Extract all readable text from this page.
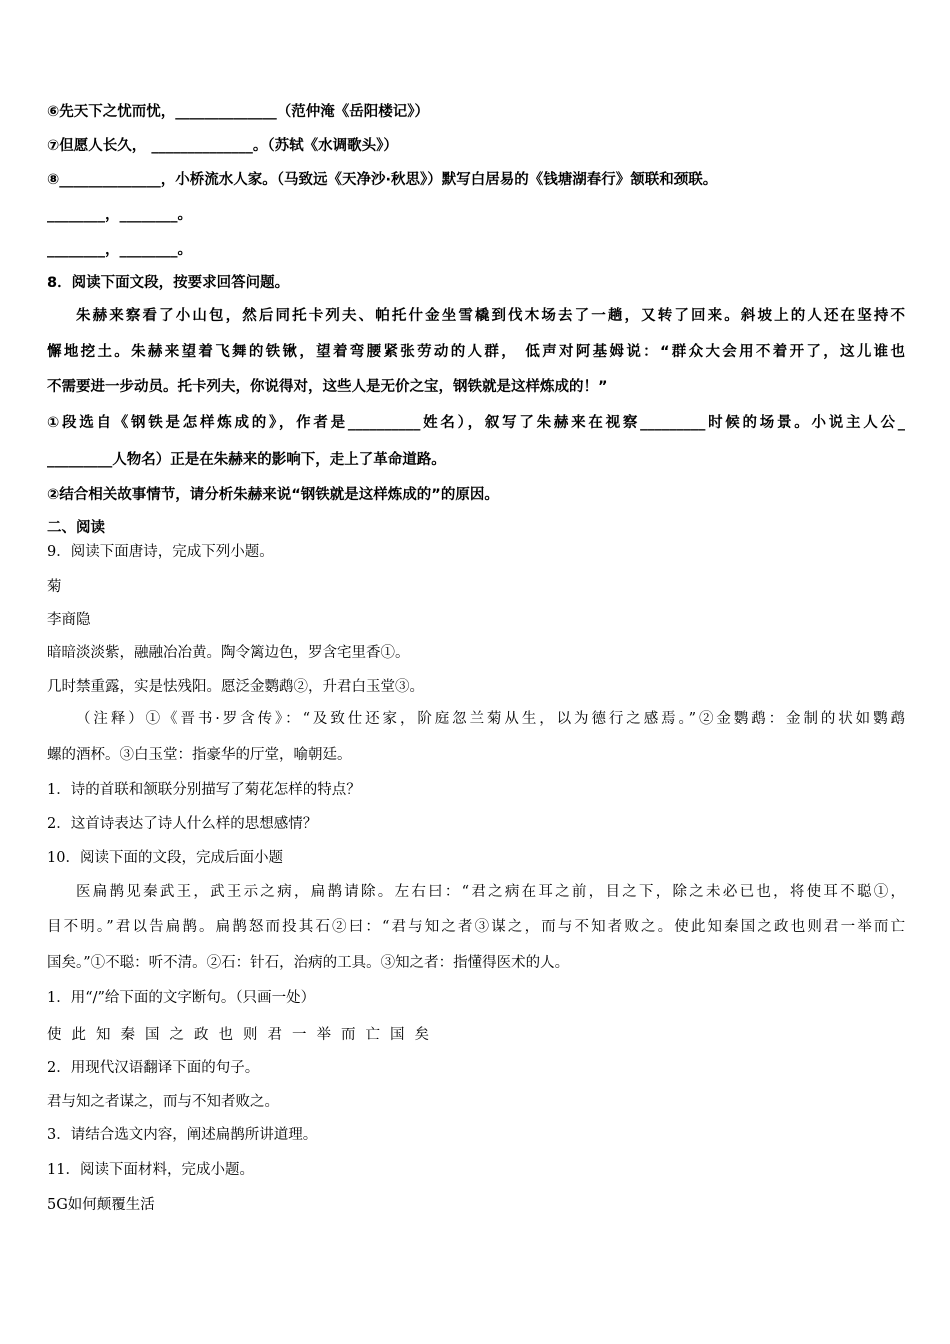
⑥先天下之忧而忧，______________（范仲淹《岳阳楼记》）
⑦但愿人长久， ______________。（苏轼《水调歌头》）
⑧______________，小桥流水人家。（马致远《天净沙·秋思》）默写白居易的《钱塘湖春行》颔联和颈联。
________，________。
________，________。
8．阅读下面文段，按要求回答问题。
朱赫来察看了小山包，然后同托卡列夫、帕托什金坐雪橇到伐木场去了一趟，又转了回来。斜坡上的人还在坚持不
懈地挖土。朱赫来望着飞舞的铁锹，望着弯腰紧张劳动的人群， 低声对阿基姆说：“群众大会用不着开了，这儿谁也
不需要进一步动员。托卡列夫，你说得对，这些人是无价之宝，钢铁就是这样炼成的！”
①段选自《钢铁是怎样炼成的》，作者是__________姓名），叙写了朱赫来在视察_________时候的场景。小说主人公_
_________人物名）正是在朱赫来的影响下，走上了革命道路。
②结合相关故事情节，请分析朱赫来说“钢铁就是这样炼成的”的原因。
二、阅读
9．阅读下面唐诗，完成下列小题。
菊
李商隐
暗暗淡淡紫，融融冶冶黄。陶令篱边色，罗含宅里香①。
几时禁重露，实是怯残阳。愿泛金鹦鹉②，升君白玉堂③。
（注释）①《晋书·罗含传》：“及致仕还家，阶庭忽兰菊从生，以为德行之感焉。”②金鹦鹉：金制的状如鹦鹉
螺的酒杯。③白玉堂：指豪华的厅堂，喻朝廷。
1．诗的首联和颔联分别描写了菊花怎样的特点？
2．这首诗表达了诗人什么样的思想感情？
10．阅读下面的文段，完成后面小题
医扁鹊见秦武王，武王示之病，扁鹊请除。左右曰：“君之病在耳之前，目之下，除之未必已也，将使耳不聪①，
目不明。”君以告扁鹊。扁鹊怒而投其石②曰：“君与知之者③谋之，而与不知者败之。使此知秦国之政也则君一举而亡
国矣。”①不聪：听不清。②石：针石，治病的工具。③知之者：指懂得医术的人。
1．用“/”给下面的文字断句。（只画一处）
使此知秦国之政也则君一举而亡国矣
2．用现代汉语翻译下面的句子。
君与知之者谋之，而与不知者败之。
3．请结合选文内容，阐述扁鹊所讲道理。
11．阅读下面材料，完成小题。
5G如何颠覆生活
